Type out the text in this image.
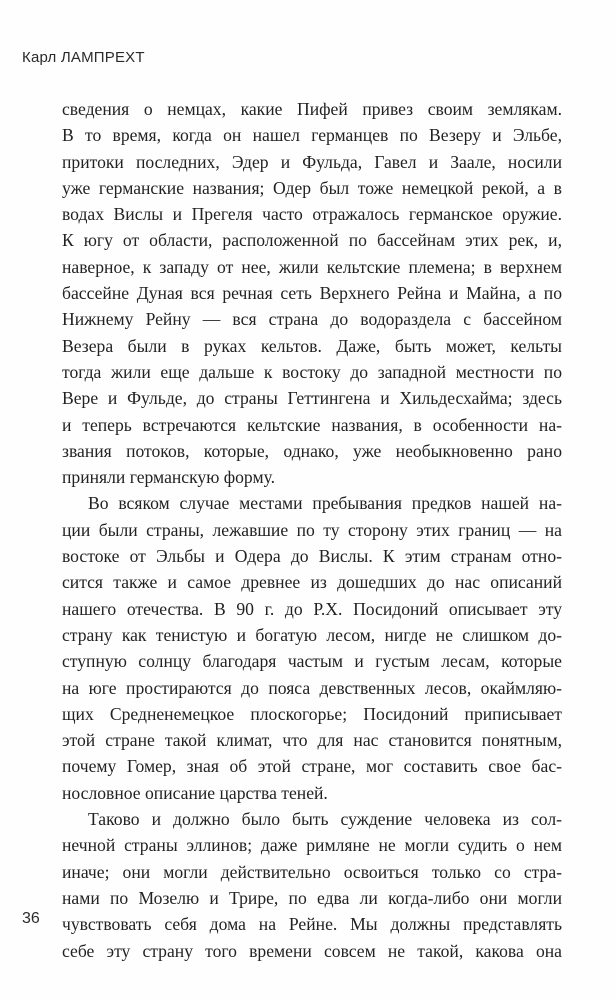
Карл ЛАМПРЕХТ
сведения о немцах, какие Пифей привез своим землякам.
В то время, когда он нашел германцев по Везеру и Эльбе,
притоки последних, Эдер и Фульда, Гавел и Заале, носили
уже германские названия; Одер был тоже немецкой рекой, а в
водах Вислы и Прегеля часто отражалось германское оружие.
К югу от области, расположенной по бассейнам этих рек, и,
наверное, к западу от нее, жили кельтские племена; в верхнем
бассейне Дуная вся речная сеть Верхнего Рейна и Майна, а по
Нижнему Рейну — вся страна до водораздела с бассейном
Везера были в руках кельтов. Даже, быть может, кельты
тогда жили еще дальше к востоку до западной местности по
Вере и Фульде, до страны Геттингена и Хильдесхайма; здесь
и теперь встречаются кельтские названия, в особенности на-
звания потоков, которые, однако, уже необыкновенно рано
приняли германскую форму.
Во всяком случае местами пребывания предков нашей на-
ции были страны, лежавшие по ту сторону этих границ — на
востоке от Эльбы и Одера до Вислы. К этим странам отно-
сится также и самое древнее из дошедших до нас описаний
нашего отечества. В 90 г. до Р.Х. Посидоний описывает эту
страну как тенистую и богатую лесом, нигде не слишком до-
ступную солнцу благодаря частым и густым лесам, которые
на юге простираются до пояса девственных лесов, окаймляю-
щих Средненемецкое плоскогорье; Посидоний приписывает
этой стране такой климат, что для нас становится понятным,
почему Гомер, зная об этой стране, мог составить свое бас-
нословное описание царства теней.
Таково и должно было быть суждение человека из сол-
нечной страны эллинов; даже римляне не могли судить о нем
иначе; они могли действительно освоиться только со стра-
нами по Мозелю и Трире, по едва ли когда-либо они могли
чувствовать себя дома на Рейне. Мы должны представлять
себе эту страну того времени совсем не такой, какова она
36
